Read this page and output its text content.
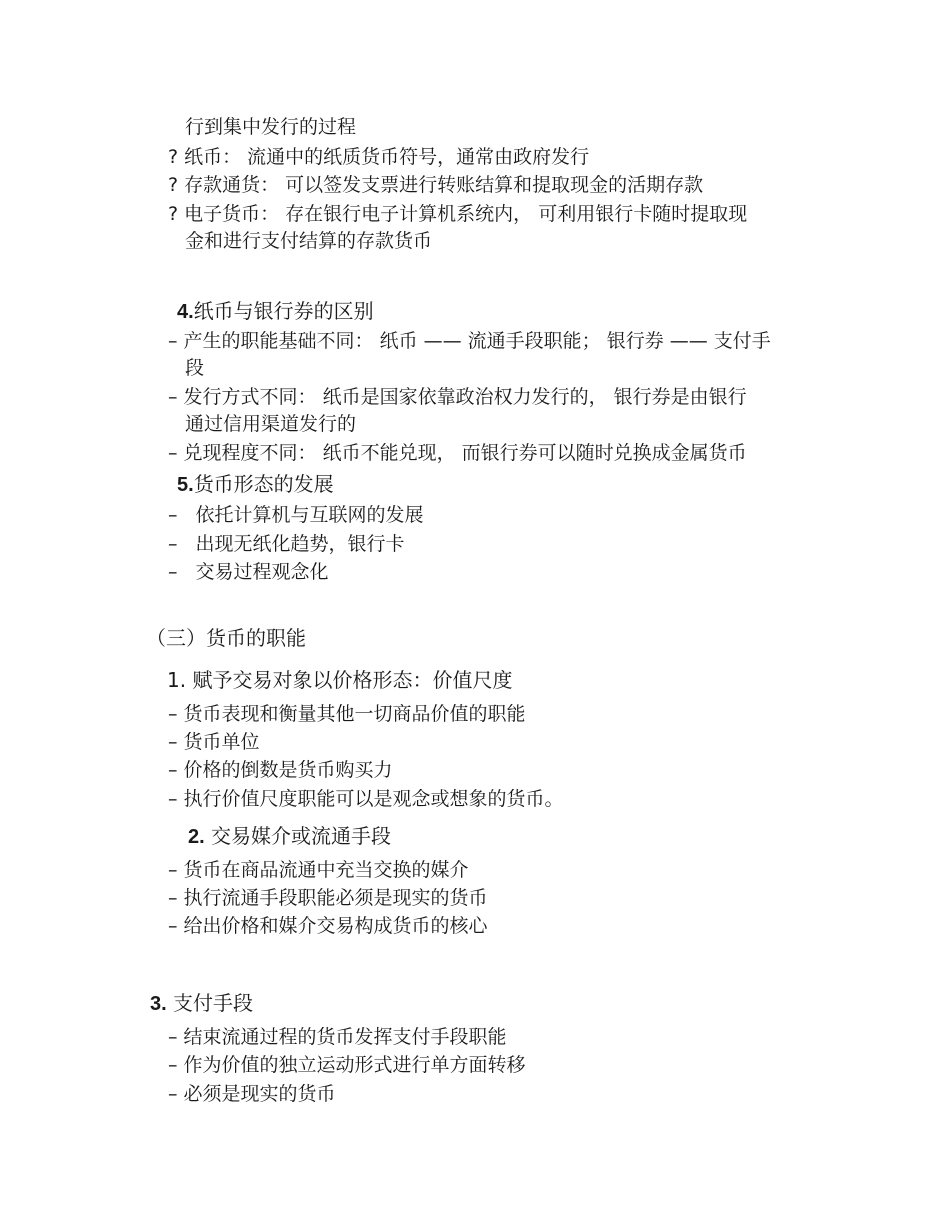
行到集中发行的过程
? 纸币： 流通中的纸质货币符号，通常由政府发行
? 存款通货： 可以签发支票进行转账结算和提取现金的活期存款
? 电子货币： 存在银行电子计算机系统内， 可利用银行卡随时提取现
金和进行支付结算的存款货币
4.纸币与银行券的区别
– 产生的职能基础不同： 纸币 —— 流通手段职能； 银行券 —— 支付手
段
– 发行方式不同： 纸币是国家依靠政治权力发行的， 银行券是由银行
通过信用渠道发行的
– 兑现程度不同： 纸币不能兑现， 而银行券可以随时兑换成金属货币
5.货币形态的发展
– 依托计算机与互联网的发展
– 出现无纸化趋势，银行卡
– 交易过程观念化
（三）货币的职能
1. 赋予交易对象以价格形态：价值尺度
– 货币表现和衡量其他一切商品价值的职能
– 货币单位
– 价格的倒数是货币购买力
– 执行价值尺度职能可以是观念或想象的货币。
2. 交易媒介或流通手段
– 货币在商品流通中充当交换的媒介
– 执行流通手段职能必须是现实的货币
– 给出价格和媒介交易构成货币的核心
3. 支付手段
– 结束流通过程的货币发挥支付手段职能
– 作为价值的独立运动形式进行单方面转移
– 必须是现实的货币
